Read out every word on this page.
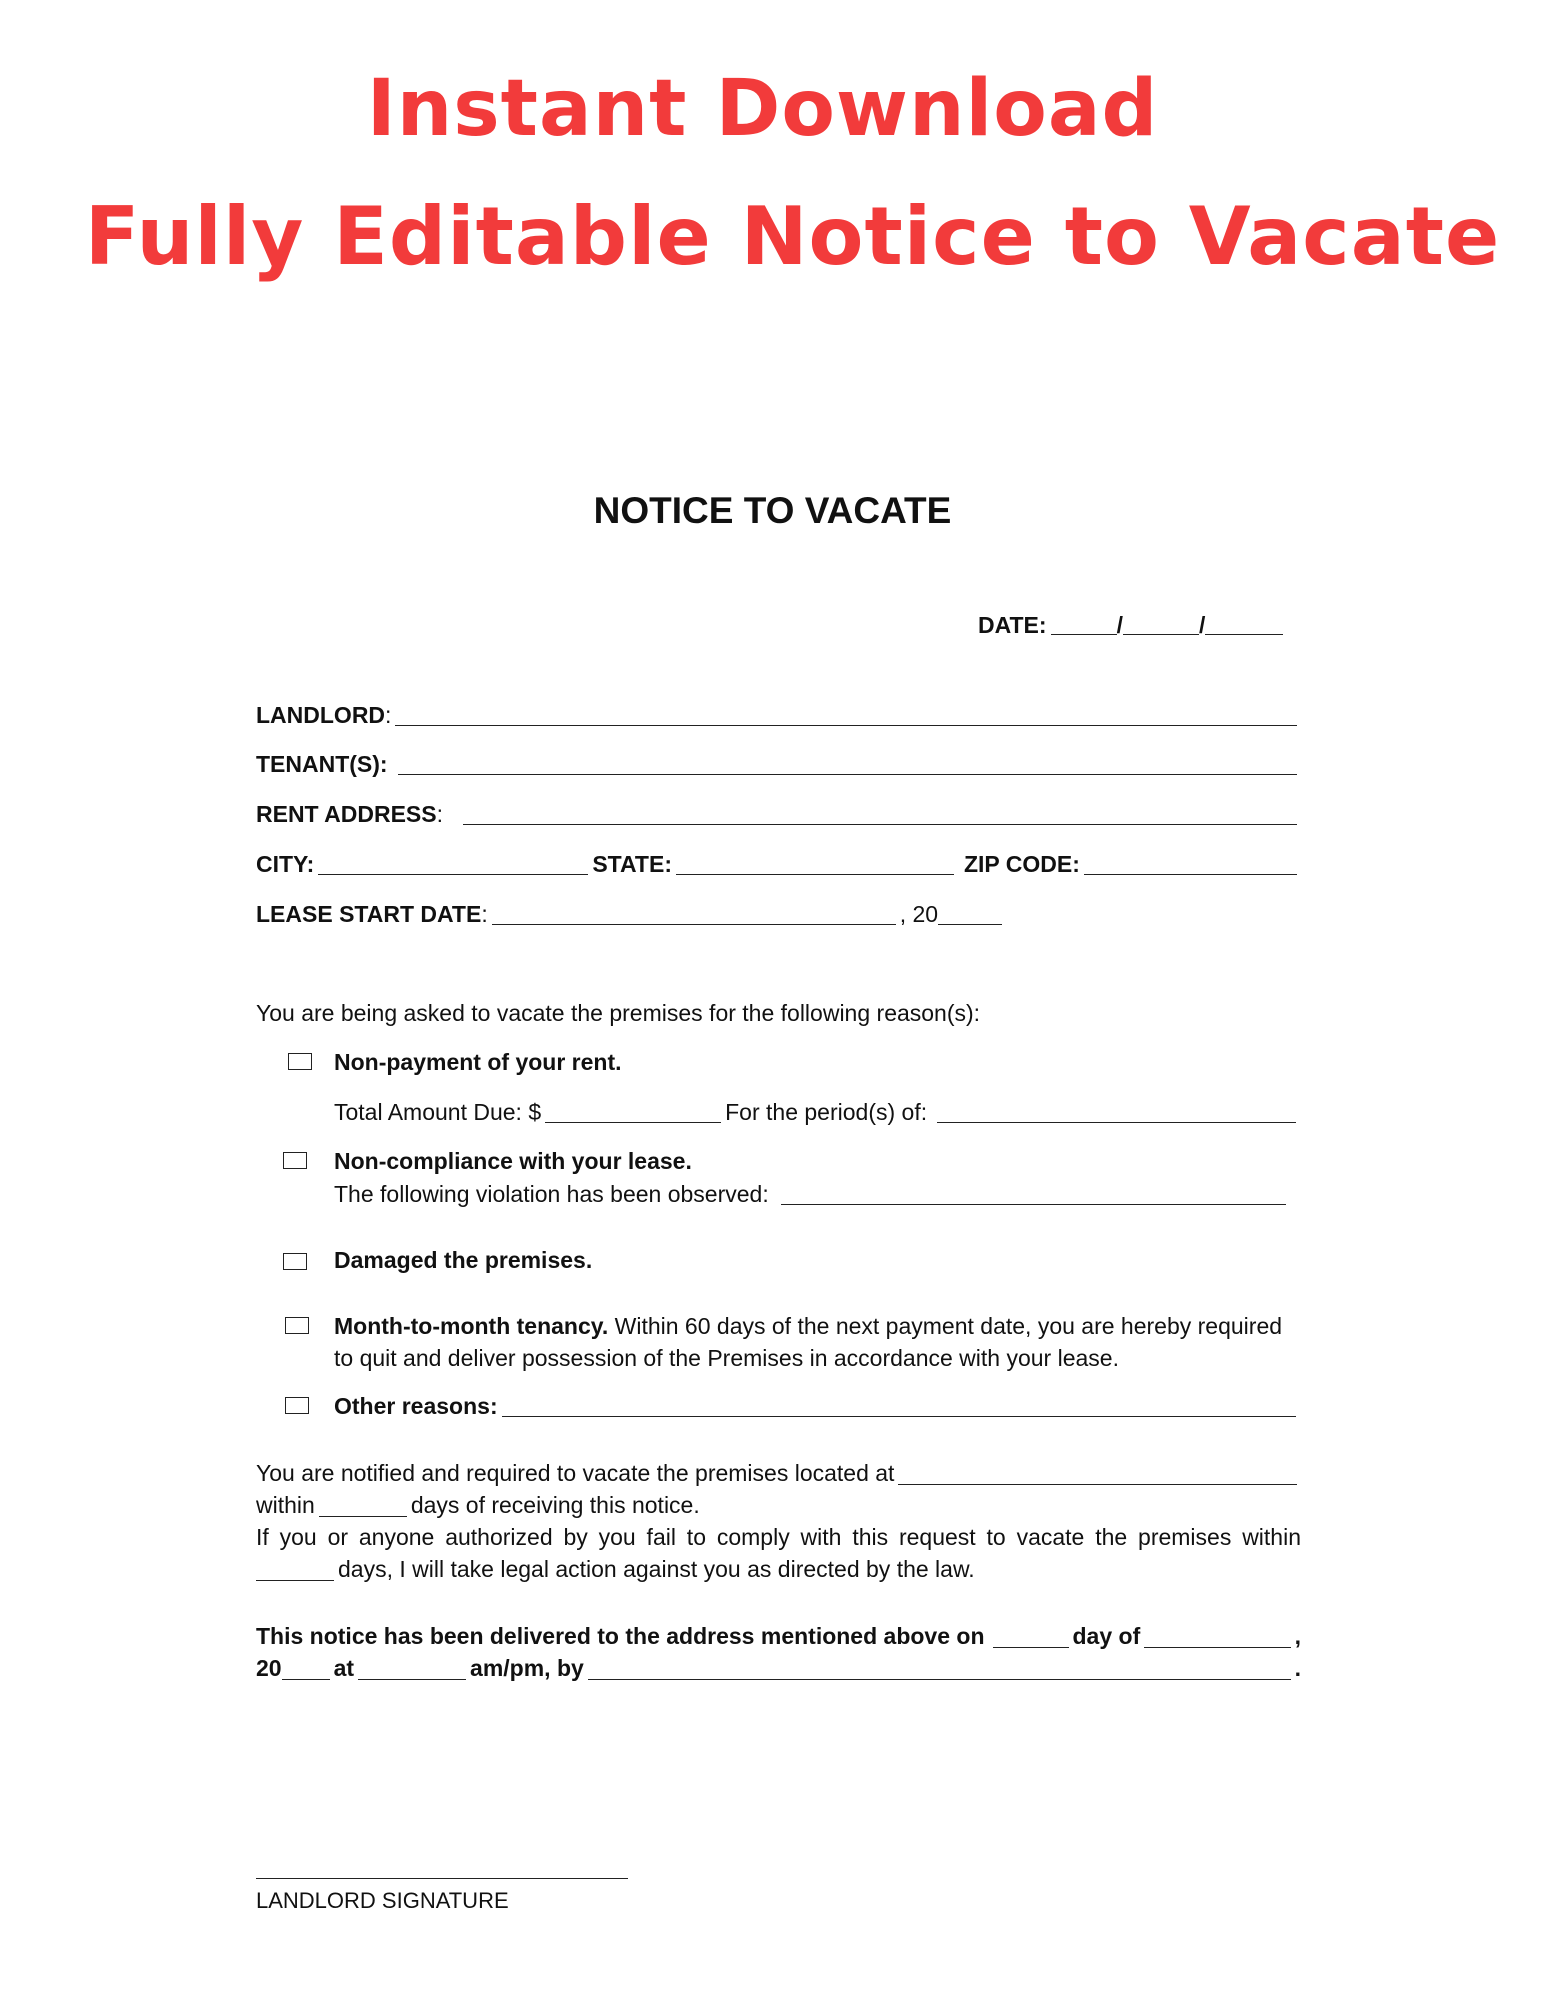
Instant Download
Fully Editable Notice to Vacate
NOTICE TO VACATE
DATE:	/	/
LANDLORD :
TENANT(S):
RENT ADDRESS :
CITY:	STATE:	ZIP CODE:
LEASE START DATE :	, 20
You are being asked to vacate the premises for the following reason(s):
Non-payment of your rent.
Total Amount Due: $	For the period(s) of:
Non-compliance with your lease.
The following violation has been observed:
Damaged the premises.
Month-to-month tenancy. Within 60 days of the next payment date, you are hereby required
to quit and deliver possession of the Premises in accordance with your lease.
Other reasons:
You are notified and required to vacate the premises located at
within	days of receiving this notice.
If you or anyone authorized by you fail to comply with this request to vacate the premises within
days, I will take legal action against you as directed by the law.
This notice has been delivered to the address mentioned above on	day of	,
20 at	am/pm, by	.
LANDLORD SIGNATURE
